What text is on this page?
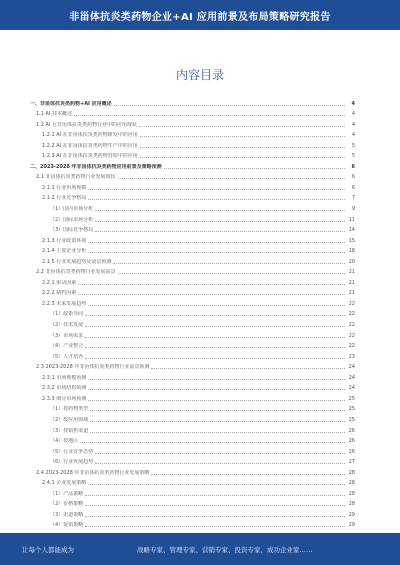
非甾体抗炎类药物企业+AI 应用前景及布局策略研究报告
内容目录
一、非甾体抗炎类药物+AI 应用概述	4
1.1 AI 技术概述	4
1.2 AI 在非甾体抗炎类药物行业中的应用现状	4
1.2.1 AI 在非甾体抗炎类药物研发中的应用	4
1.2.2 AI 在非甾体抗炎类药物生产中的应用	5
1.2.3 AI 在非甾体抗炎类药物营销中的应用	5
二、2023-2028 年非甾体抗炎类药物应用前景及策略预测	6
2.1 非甾体抗炎类药物行业发展现状	6
2.1.1 行业市场规模	6
2.1.2 行业竞争格局	7
（1）国内市场分析	9
（2）国际市场分析	11
（3）国际竞争格局	14
2.1.3 行业政策环境	15
2.1.4 主要企业分析	18
2.1.5 行业发展趋势及前景预测	20
2.2 非甾体抗炎类药物行业发展前景	21
2.2.1 驱动因素	21
2.2.2 制约因素	21
2.2.3 未来发展趋势	22
（1）政策导向	22
（2）技术发展	22
（3）市场需求	22
（4）产业整合	22
（5）人才培养	23
2.3 2023-2028 年非甾体抗炎类药物行业前景预测	24
2.3.1 市场规模预测	24
2.3.2 市场结构预测	24
2.3.3 细分市场预测	25
（1）按药物类型	25
（2）按应用领域	25
（3）按销售渠道	26
（4）按地区	26
（5）行业竞争态势	26
（6）行业发展趋势	27
2.4 2023-2028 年非甾体抗炎类药物行业发展策略	28
2.4.1 企业发展策略	28
（1）产品策略	28
（2）价格策略	28
（3）渠道策略	29
（4）促销策略	29
让每个人都能成为	战略专家、管理专家、营销专家、投资专家、成功企业家……
